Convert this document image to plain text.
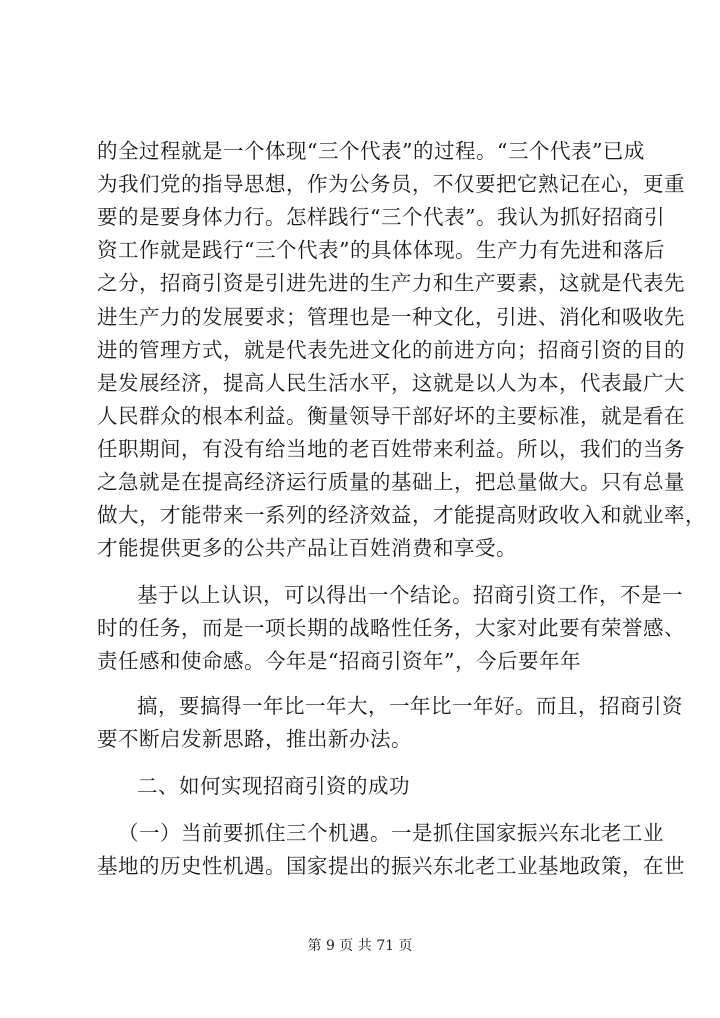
的全过程就是一个体现“三个代表”的过程。“三个代表”已成
为我们党的指导思想，作为公务员，不仅要把它熟记在心，更重
要的是要身体力行。怎样践行“三个代表”。我认为抓好招商引
资工作就是践行“三个代表”的具体体现。生产力有先进和落后
之分，招商引资是引进先进的生产力和生产要素，这就是代表先
进生产力的发展要求；管理也是一种文化，引进、消化和吸收先
进的管理方式，就是代表先进文化的前进方向；招商引资的目的
是发展经济，提高人民生活水平，这就是以人为本，代表最广大
人民群众的根本利益。衡量领导干部好坏的主要标准，就是看在
任职期间，有没有给当地的老百姓带来利益。所以，我们的当务
之急就是在提高经济运行质量的基础上，把总量做大。只有总量
做大，才能带来一系列的经济效益，才能提高财政收入和就业率，
才能提供更多的公共产品让百姓消费和享受。
基于以上认识，可以得出一个结论。招商引资工作，不是一
时的任务，而是一项长期的战略性任务，大家对此要有荣誉感、
责任感和使命感。今年是“招商引资年”，今后要年年
搞，要搞得一年比一年大，一年比一年好。而且，招商引资
要不断启发新思路，推出新办法。
二、如何实现招商引资的成功
（一）当前要抓住三个机遇。一是抓住国家振兴东北老工业
基地的历史性机遇。国家提出的振兴东北老工业基地政策，在世
第 9 页 共 71 页
